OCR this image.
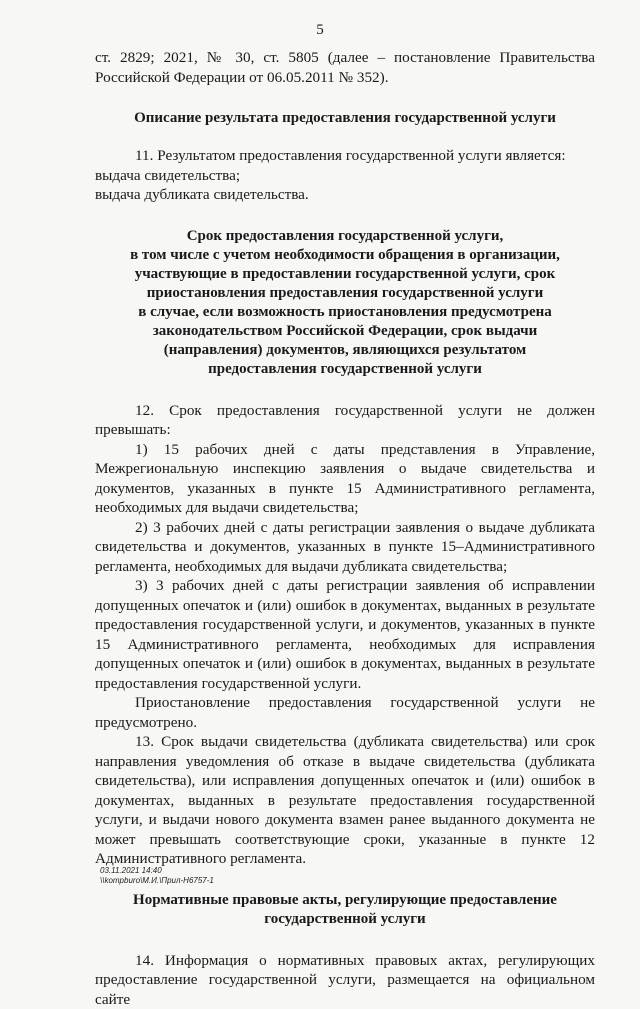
5

ст. 2829; 2021, № 30, ст. 5805 (далее – постановление Правительства Российской Федерации от 06.05.2011 № 352).

Описание результата предоставления государственной услуги

11. Результатом предоставления государственной услуги является:

выдача свидетельства;

выдача дубликата свидетельства.

Срок предоставления государственной услуги,

в том числе с учетом необходимости обращения в организации,

участвующие в предоставлении государственной услуги, срок

приостановления предоставления государственной услуги

в случае, если возможность приостановления предусмотрена

законодательством Российской Федерации, срок выдачи

(направления) документов, являющихся результатом

предоставления государственной услуги

12. Срок предоставления государственной услуги не должен превышать:

1) 15 рабочих дней с даты представления в Управление, Межрегиональную инспекцию заявления о выдаче свидетельства и документов, указанных в пункте 15 Административного регламента, необходимых для выдачи свидетельства;

2) 3 рабочих дней с даты регистрации заявления о выдаче дубликата свидетельства и документов, указанных в пункте 15–Административного регламента, необходимых для выдачи дубликата свидетельства;

3) 3 рабочих дней с даты регистрации заявления об исправлении допущенных опечаток и (или) ошибок в документах, выданных в результате предоставления государственной услуги, и документов, указанных в пункте 15 Административного регламента, необходимых для исправления допущенных опечаток и (или) ошибок в документах, выданных в результате предоставления государственной услуги.

Приостановление предоставления государственной услуги не предусмотрено.

13. Срок выдачи свидетельства (дубликата свидетельства) или срок направления уведомления об отказе в выдаче свидетельства (дубликата свидетельства), или исправления допущенных опечаток и (или) ошибок в документах, выданных в результате предоставления государственной услуги, и выдачи нового документа взамен ранее выданного документа не может превышать соответствующие сроки, указанные в пункте 12 Административного регламента.

Нормативные правовые акты, регулирующие предоставление

государственной услуги

14. Информация о нормативных правовых актах, регулирующих предоставление государственной услуги, размещается на официальном сайте

03.11.2021 14:40
\\kompburo\М.И.\Прил-Н6757-1
